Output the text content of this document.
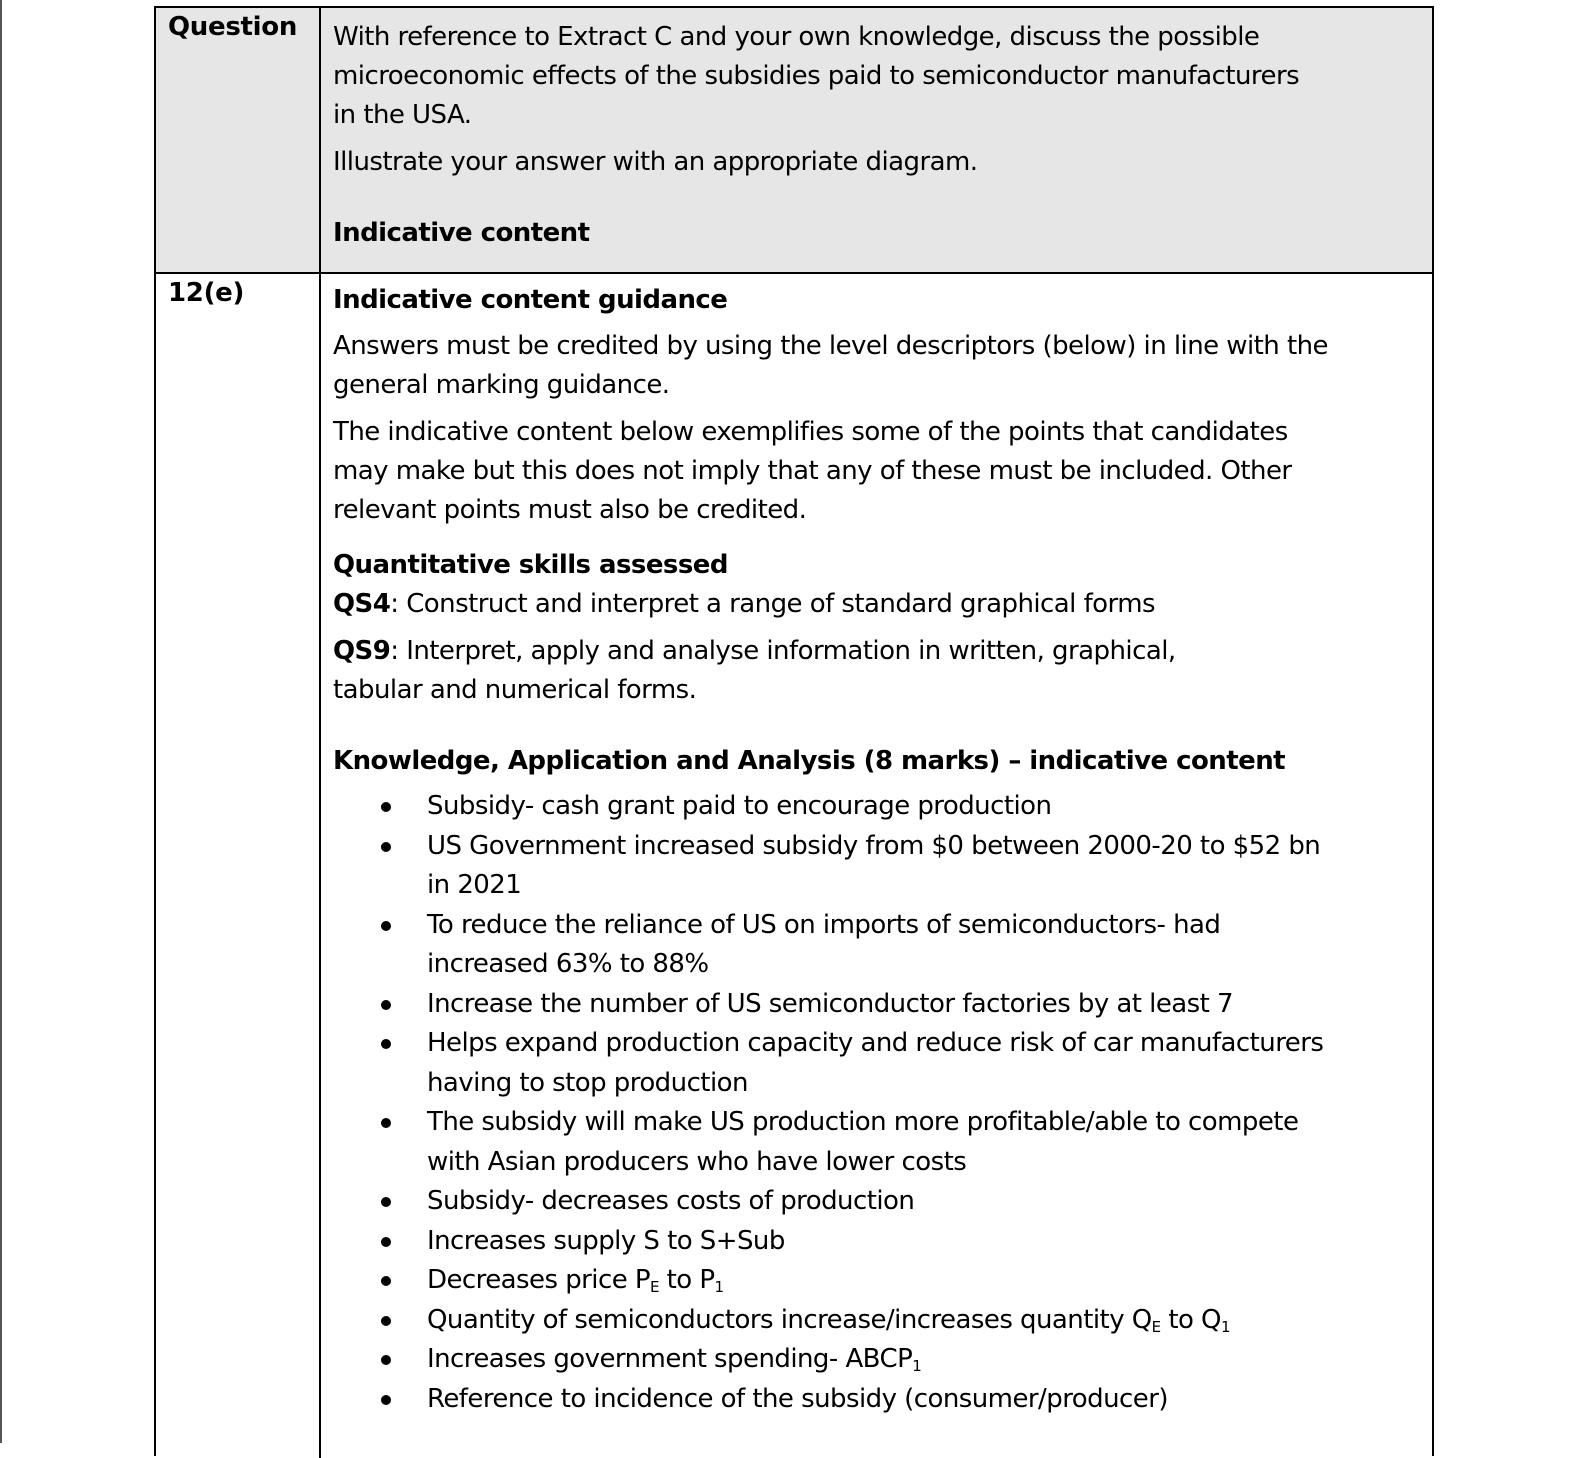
Question With reference to Extract C and your own knowledge, discuss the possible
microeconomic effects of the subsidies paid to semiconductor manufacturers
in the USA.
Illustrate your answer with an appropriate diagram.
Indicative content
12(e)	Indicative content guidance
Answers must be credited by using the level descriptors (below) in line with the
general marking guidance.
The indicative content below exemplifies some of the points that candidates
may make but this does not imply that any of these must be included. Other
relevant points must also be credited.
Quantitative skills assessed
QS4: Construct and interpret a range of standard graphical forms
QS9: Interpret, apply and analyse information in written, graphical,
tabular and numerical forms.
Knowledge, Application and Analysis (8 marks) – indicative content
Subsidy- cash grant paid to encourage production
US Government increased subsidy from $0 between 2000-20 to $52 bn
in 2021
To reduce the reliance of US on imports of semiconductors- had
increased 63% to 88%
Increase the number of US semiconductor factories by at least 7
Helps expand production capacity and reduce risk of car manufacturers
having to stop production
The subsidy will make US production more profitable/able to compete
with Asian producers who have lower costs
Subsidy- decreases costs of production
Increases supply S to S+Sub
Decreases price $P_E$ to $P_1$
Quantity of semiconductors increase/increases quantity $Q_E$ to $Q_1$
Increases government spending- $ABCP_1$
Reference to incidence of the subsidy (consumer/producer)
